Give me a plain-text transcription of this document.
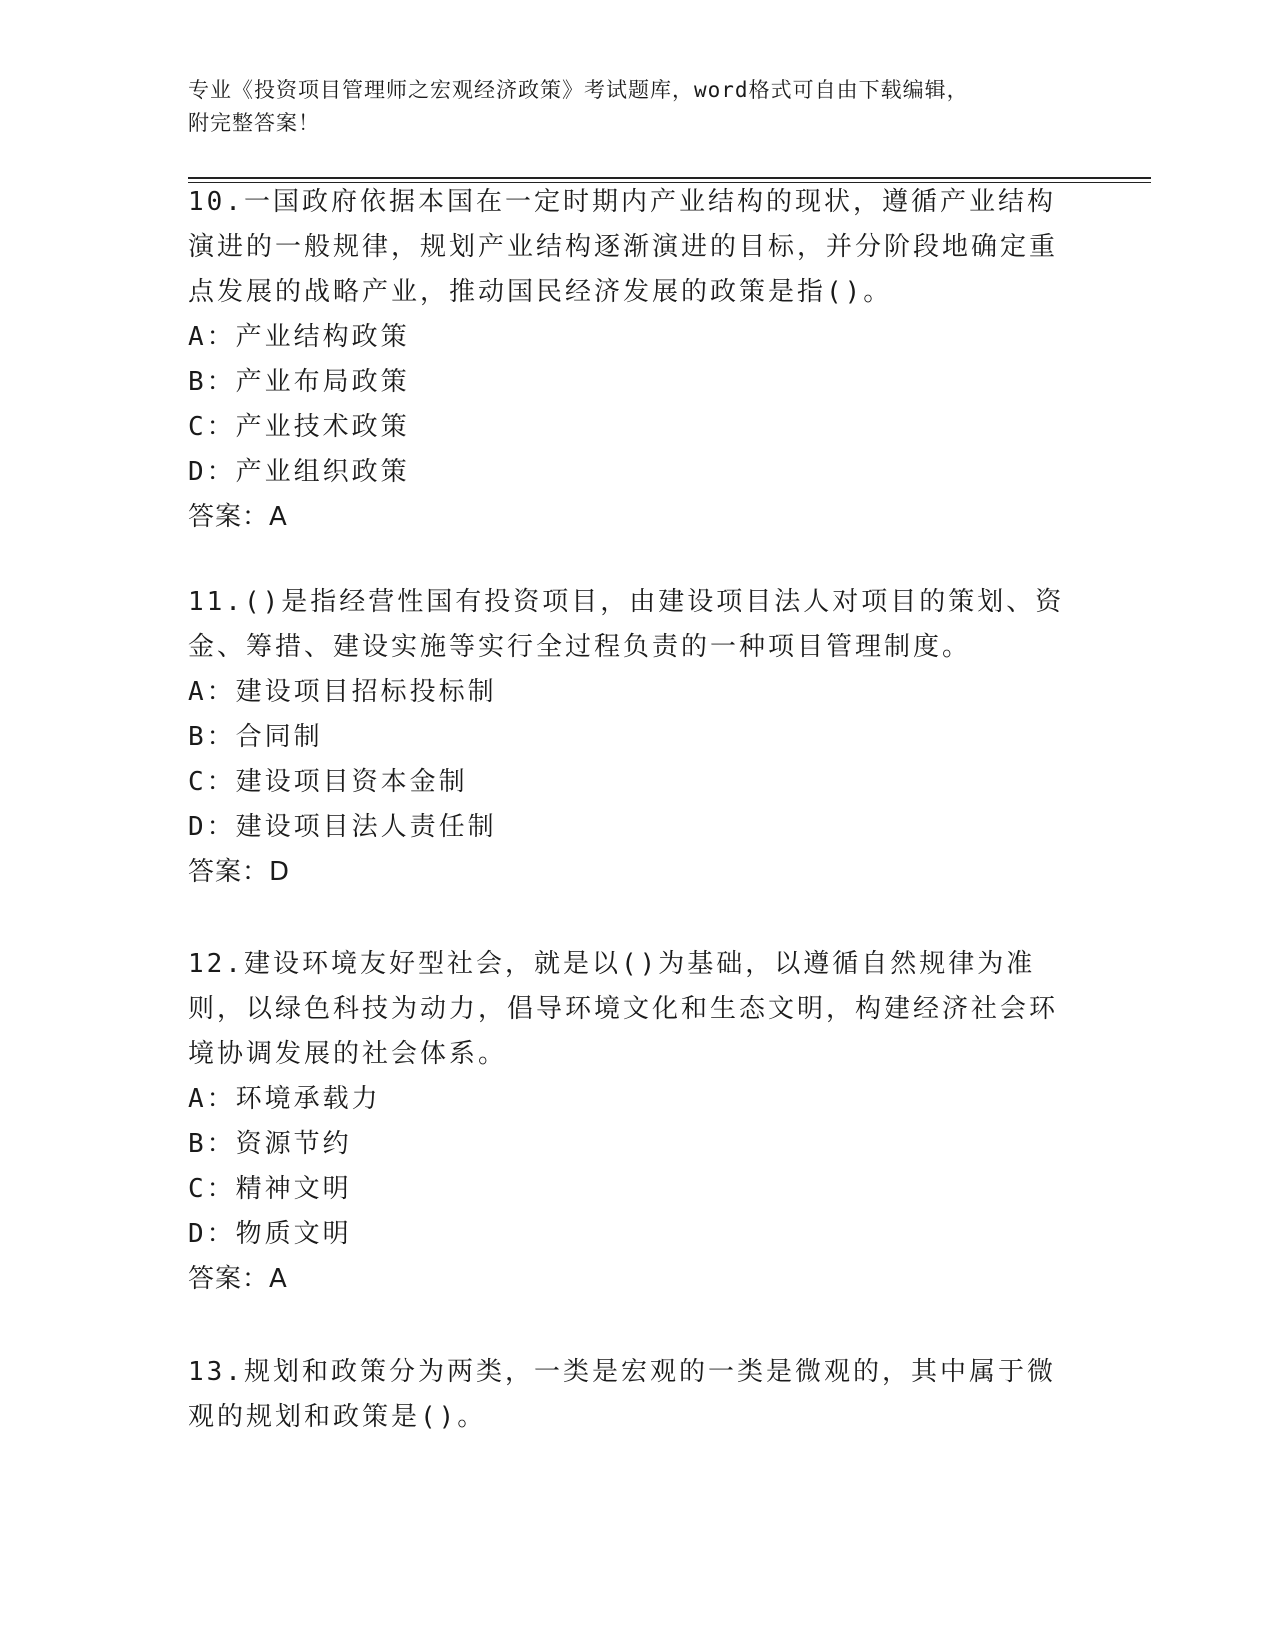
专业《投资项目管理师之宏观经济政策》考试题库，word格式可自由下载编辑，
附完整答案！

10.一国政府依据本国在一定时期内产业结构的现状，遵循产业结构演进的一般规律，规划产业结构逐渐演进的目标，并分阶段地确定重点发展的战略产业，推动国民经济发展的政策是指()。

A：产业结构政策

B：产业布局政策

C：产业技术政策

D：产业组织政策

答案：A

11.()是指经营性国有投资项目，由建设项目法人对项目的策划、资金、筹措、建设实施等实行全过程负责的一种项目管理制度。

A：建设项目招标投标制

B：合同制

C：建设项目资本金制

D：建设项目法人责任制

答案：D

12.建设环境友好型社会，就是以()为基础，以遵循自然规律为准则，以绿色科技为动力，倡导环境文化和生态文明，构建经济社会环境协调发展的社会体系。

A：环境承载力

B：资源节约

C：精神文明

D：物质文明

答案：A

13.规划和政策分为两类，一类是宏观的一类是微观的，其中属于微观的规划和政策是()。
